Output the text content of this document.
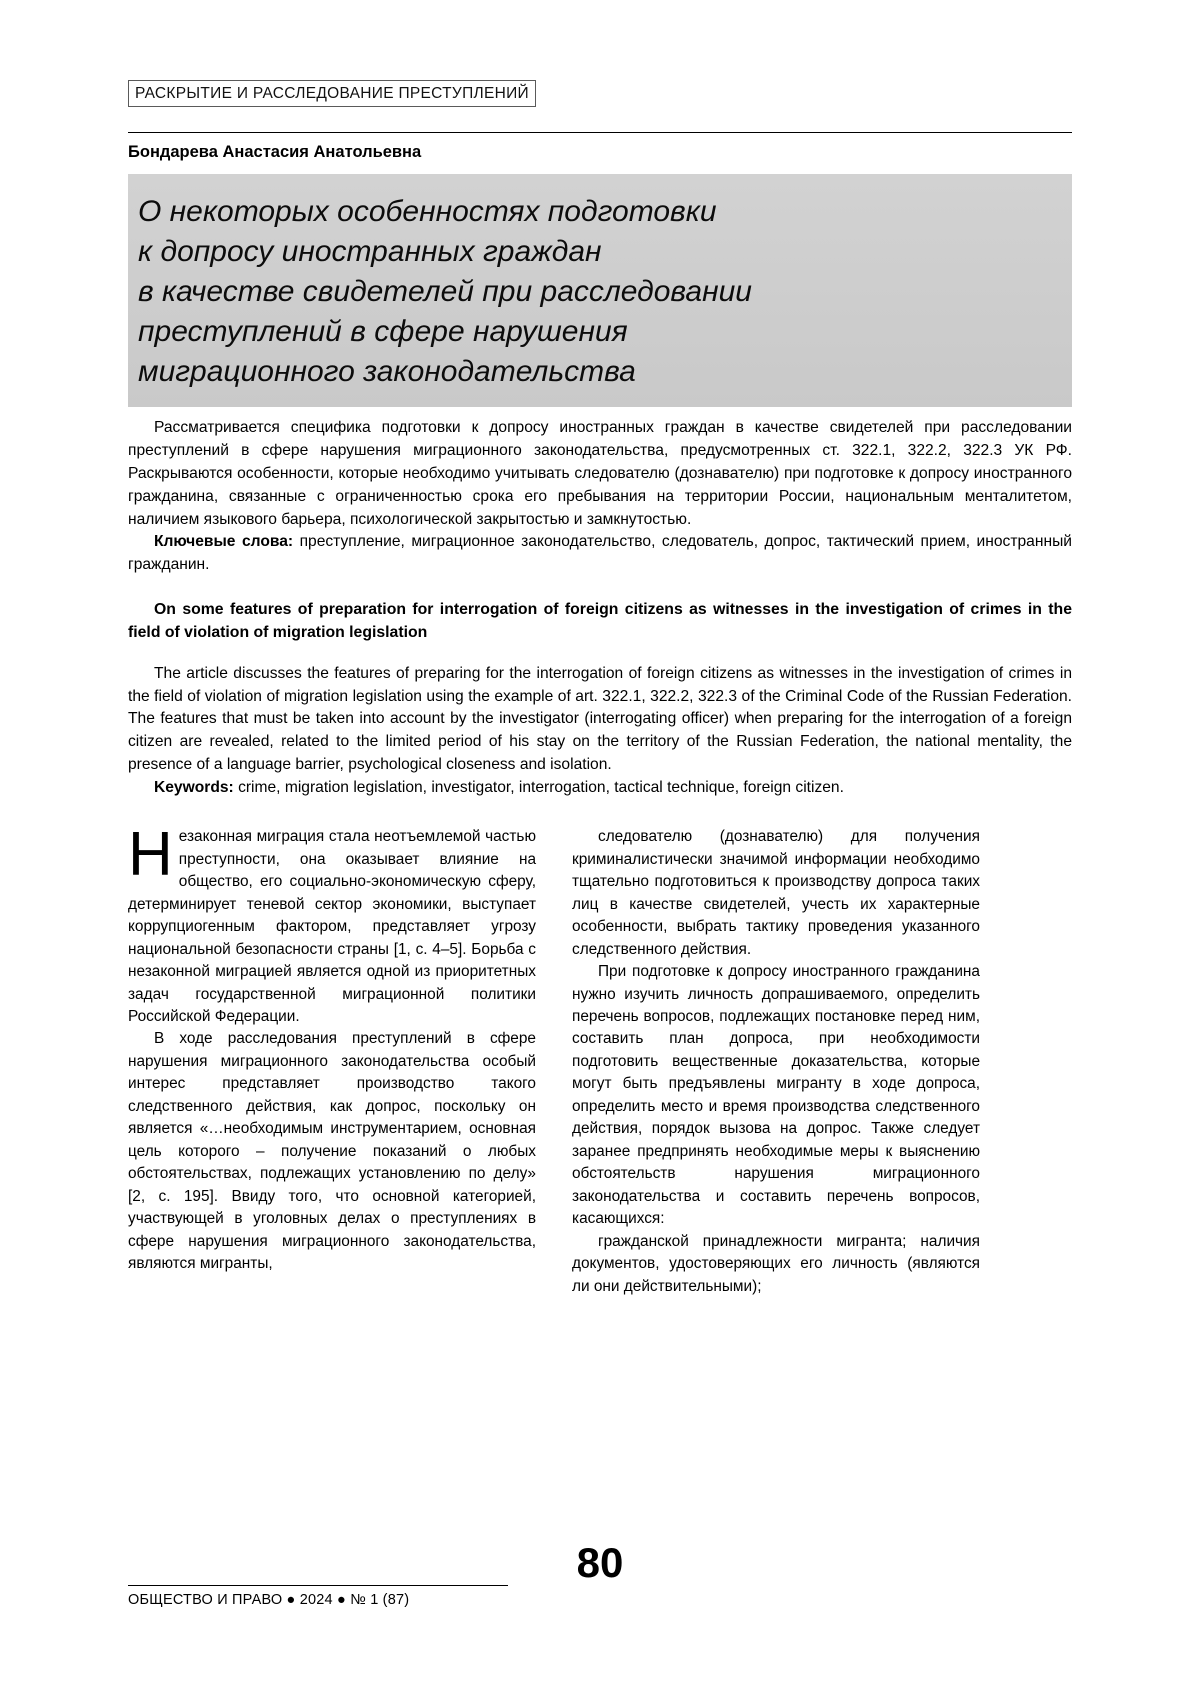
РАСКРЫТИЕ И РАССЛЕДОВАНИЕ ПРЕСТУПЛЕНИЙ
Бондарева Анастасия Анатольевна
О некоторых особенностях подготовки
к допросу иностранных граждан
в качестве свидетелей при расследовании
преступлений в сфере нарушения
миграционного законодательства

Рассматривается специфика подготовки к допросу иностранных граждан в качестве свидетелей при расследовании преступлений в сфере нарушения миграционного законодательства, предусмотренных ст. 322.1, 322.2, 322.3 УК РФ. Раскрываются особенности, которые необходимо учитывать следователю (дознавателю) при подготовке к допросу иностранного гражданина, связанные с ограниченностью срока его пребывания на территории России, национальным менталитетом, наличием языкового барьера, психологической закрытостью и замкнутостью.

Ключевые слова: преступление, миграционное законодательство, следователь, допрос, тактический прием, иностранный гражданин.

On some features of preparation for interrogation of foreign citizens as witnesses in the investigation of crimes in the field of violation of migration legislation

The article discusses the features of preparing for the interrogation of foreign citizens as witnesses in the investigation of crimes in the field of violation of migration legislation using the example of art. 322.1, 322.2, 322.3 of the Criminal Code of the Russian Federation. The features that must be taken into account by the investigator (interrogating officer) when preparing for the interrogation of a foreign citizen are revealed, related to the limited period of his stay on the territory of the Russian Federation, the national mentality, the presence of a language barrier, psychological closeness and isolation.

Keywords: crime, migration legislation, investigator, interrogation, tactical technique, foreign citizen.

Незаконная миграция стала неотъемлемой частью преступности, она оказывает влияние на общество, его социально-экономическую сферу, детерминирует теневой сектор экономики, выступает коррупциогенным фактором, представляет угрозу национальной безопасности страны [1, с. 4–5]. Борьба с незаконной миграцией является одной из приоритетных задач государственной миграционной политики Российской Федерации.

В ходе расследования преступлений в сфере нарушения миграционного законодательства особый интерес представляет производство такого следственного действия, как допрос, поскольку он является «…необходимым инструментарием, основная цель которого – получение показаний о любых обстоятельствах, подлежащих установлению по делу» [2, с. 195]. Ввиду того, что основной категорией, участвующей в уголовных делах о преступлениях в сфере нарушения миграционного законодательства, являются мигранты,

следователю (дознавателю) для получения криминалистически значимой информации необходимо тщательно подготовиться к производству допроса таких лиц в качестве свидетелей, учесть их характерные особенности, выбрать тактику проведения указанного следственного действия.

При подготовке к допросу иностранного гражданина нужно изучить личность допрашиваемого, определить перечень вопросов, подлежащих постановке перед ним, составить план допроса, при необходимости подготовить вещественные доказательства, которые могут быть предъявлены мигранту в ходе допроса, определить место и время производства следственного действия, порядок вызова на допрос. Также следует заранее предпринять необходимые меры к выяснению обстоятельств нарушения миграционного законодательства и составить перечень вопросов, касающихся:

гражданской принадлежности мигранта; наличия документов, удостоверяющих его личность (являются ли они действительными);

80
ОБЩЕСТВО И ПРАВО ● 2024 ● № 1 (87)
